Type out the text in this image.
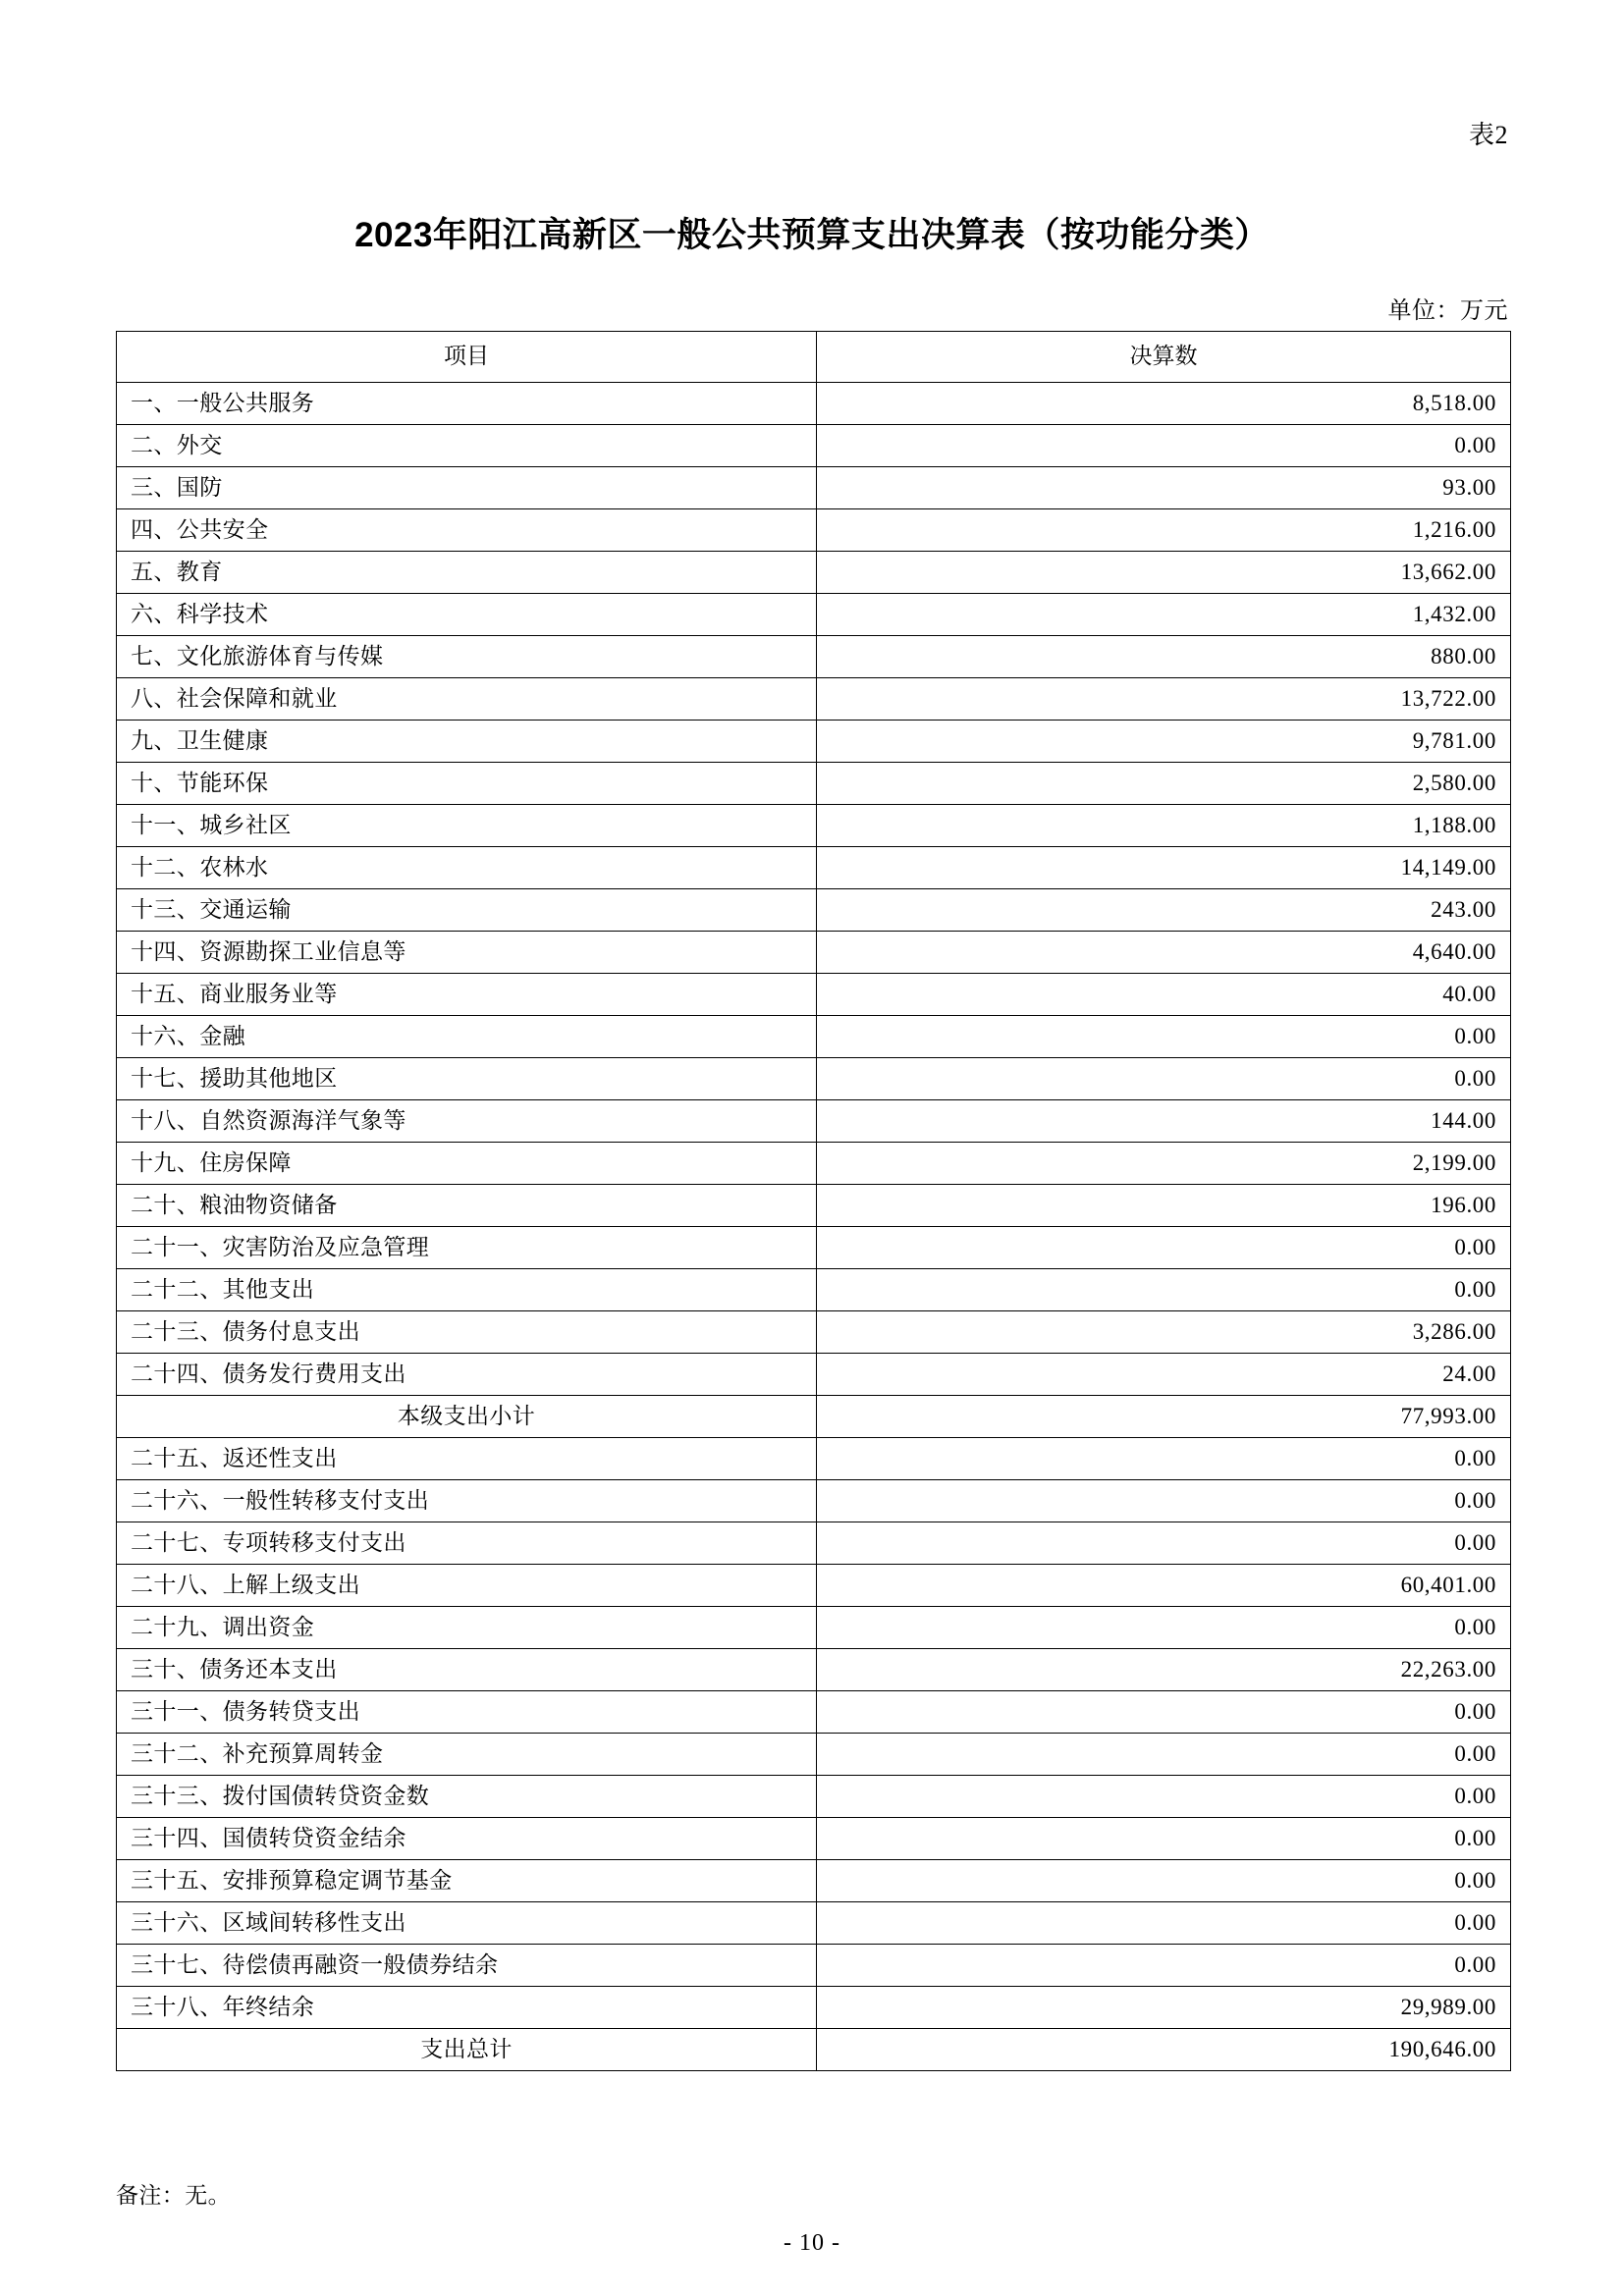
表2
2023年阳江高新区一般公共预算支出决算表（按功能分类）
单位：万元
项目	决算数
一、一般公共服务	8,518.00
二、外交	0.00
三、国防	93.00
四、公共安全	1,216.00
五、教育	13,662.00
六、科学技术	1,432.00
七、文化旅游体育与传媒	880.00
八、社会保障和就业	13,722.00
九、卫生健康	9,781.00
十、节能环保	2,580.00
十一、城乡社区	1,188.00
十二、农林水	14,149.00
十三、交通运输	243.00
十四、资源勘探工业信息等	4,640.00
十五、商业服务业等	40.00
十六、金融	0.00
十七、援助其他地区	0.00
十八、自然资源海洋气象等	144.00
十九、住房保障	2,199.00
二十、粮油物资储备	196.00
二十一、灾害防治及应急管理	0.00
二十二、其他支出	0.00
二十三、债务付息支出	3,286.00
二十四、债务发行费用支出	24.00
本级支出小计	77,993.00
二十五、返还性支出	0.00
二十六、一般性转移支付支出	0.00
二十七、专项转移支付支出	0.00
二十八、上解上级支出	60,401.00
二十九、调出资金	0.00
三十、债务还本支出	22,263.00
三十一、债务转贷支出	0.00
三十二、补充预算周转金	0.00
三十三、拨付国债转贷资金数	0.00
三十四、国债转贷资金结余	0.00
三十五、安排预算稳定调节基金	0.00
三十六、区域间转移性支出	0.00
三十七、待偿债再融资一般债券结余	0.00
三十八、年终结余	29,989.00
支出总计	190,646.00
备注：无。
- 10 -
